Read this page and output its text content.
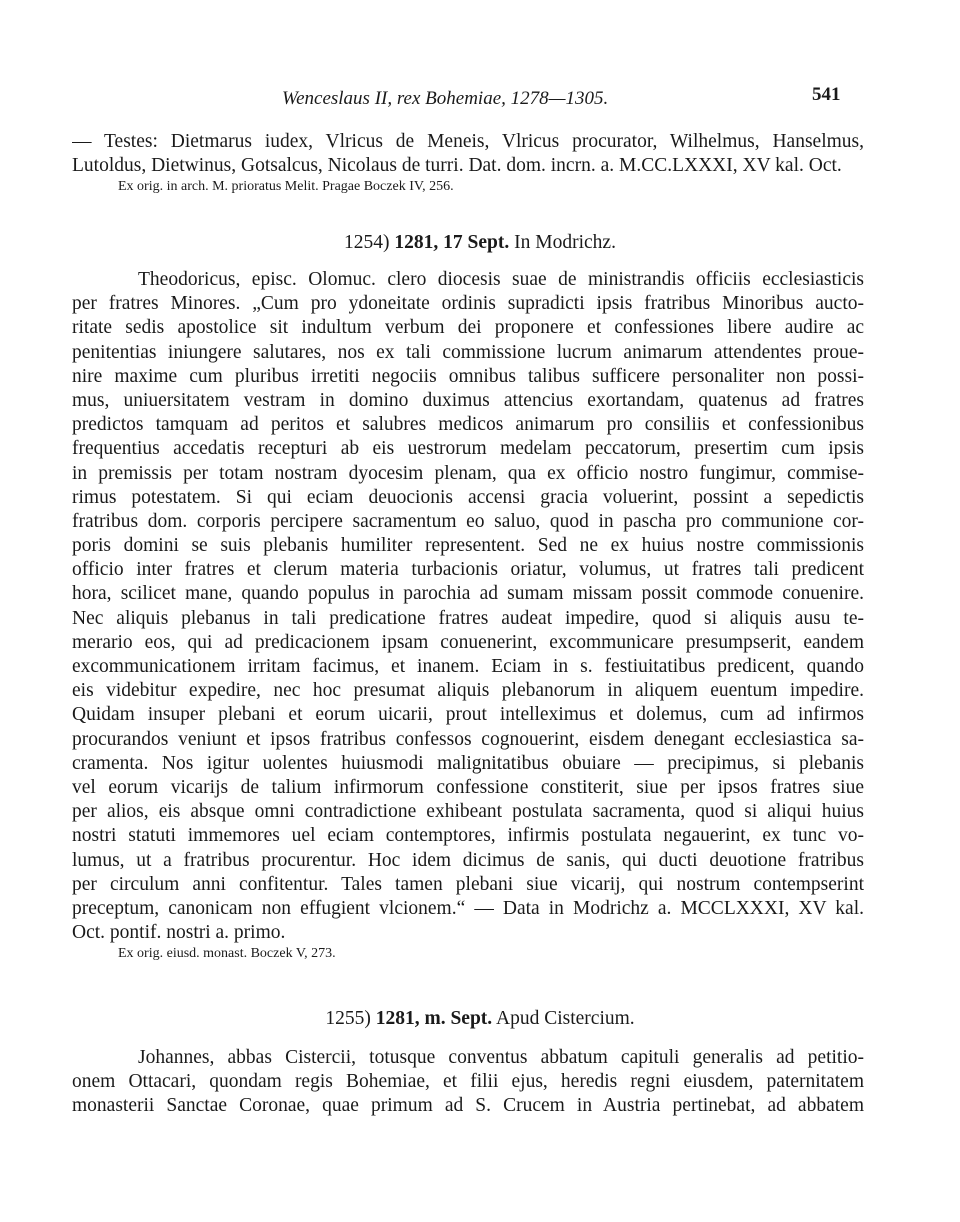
Wenceslaus II, rex Bohemiae, 1278—1305.	541
— Testes: Dietmarus iudex, Vlricus de Meneis, Vlricus procurator, Wilhelmus, Hanselmus,
Lutoldus, Dietwinus, Gotsalcus, Nicolaus de turri. Dat. dom. incrn. a. M.CC.LXXXI, XV kal. Oct.
Ex orig. in arch. M. prioratus Melit. Pragae Boczek IV, 256.
1254) 1281, 17 Sept. In Modrichz.
Theodoricus, episc. Olomuc. clero diocesis suae de ministrandis officiis ecclesiasticis
per fratres Minores. „Cum pro ydoneitate ordinis supradicti ipsis fratribus Minoribus aucto-
ritate sedis apostolice sit indultum verbum dei proponere et confessiones libere audire ac
penitentias iniungere salutares, nos ex tali commissione lucrum animarum attendentes proue-
nire maxime cum pluribus irretiti negociis omnibus talibus sufficere personaliter non possi-
mus, uniuersitatem vestram in domino duximus attencius exortandam, quatenus ad fratres
predictos tamquam ad peritos et salubres medicos animarum pro consiliis et confessionibus
frequentius accedatis recepturi ab eis uestrorum medelam peccatorum, presertim cum ipsis
in premissis per totam nostram dyocesim plenam, qua ex officio nostro fungimur, commise-
rimus potestatem. Si qui eciam deuocionis accensi gracia voluerint, possint a sepedictis
fratribus dom. corporis percipere sacramentum eo saluo, quod in pascha pro communione cor-
poris domini se suis plebanis humiliter representent. Sed ne ex huius nostre commissionis
officio inter fratres et clerum materia turbacionis oriatur, volumus, ut fratres tali predicent
hora, scilicet mane, quando populus in parochia ad sumam missam possit commode conuenire.
Nec aliquis plebanus in tali predicatione fratres audeat impedire, quod si aliquis ausu te-
merario eos, qui ad predicacionem ipsam conuenerint, excommunicare presumpserit, eandem
excommunicationem irritam facimus, et inanem. Eciam in s. festiuitatibus predicent, quando
eis videbitur expedire, nec hoc presumat aliquis plebanorum in aliquem euentum impedire.
Quidam insuper plebani et eorum uicarii, prout intelleximus et dolemus, cum ad infirmos
procurandos veniunt et ipsos fratribus confessos cognouerint, eisdem denegant ecclesiastica sa-
cramenta. Nos igitur uolentes huiusmodi malignitatibus obuiare — precipimus, si plebanis
vel eorum vicarijs de talium infirmorum confessione constiterit, siue per ipsos fratres siue
per alios, eis absque omni contradictione exhibeant postulata sacramenta, quod si aliqui huius
nostri statuti immemores uel eciam contemptores, infirmis postulata negauerint, ex tunc vo-
lumus, ut a fratribus procurentur. Hoc idem dicimus de sanis, qui ducti deuotione fratribus
per circulum anni confitentur. Tales tamen plebani siue vicarij, qui nostrum contempserint
preceptum, canonicam non effugient vlcionem.“ — Data in Modrichz a. MCCLXXXI, XV kal.
Oct. pontif. nostri a. primo.
Ex orig. eiusd. monast. Boczek V, 273.
1255) 1281, m. Sept. Apud Cistercium.
Johannes, abbas Cistercii, totusque conventus abbatum capituli generalis ad petitio-
onem Ottacari, quondam regis Bohemiae, et filii ejus, heredis regni eiusdem, paternitatem
monasterii Sanctae Coronae, quae primum ad S. Crucem in Austria pertinebat, ad abbatem
